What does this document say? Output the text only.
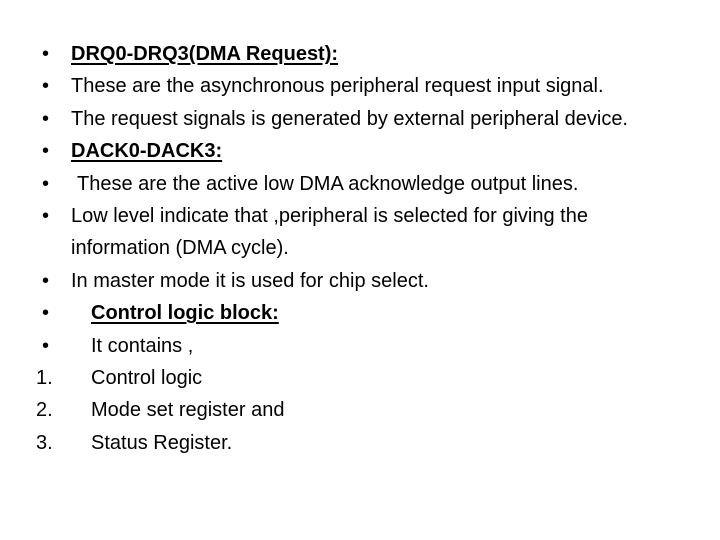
•	DRQ0-DRQ3(DMA Request):
•	These are the asynchronous peripheral request input signal.
•	The request signals is generated by external peripheral device.
•	DACK0-DACK3:
•	These are the active low DMA acknowledge output lines.
•	Low level indicate that ,peripheral is selected for giving the
information (DMA cycle).
•	In master mode it is used for chip select.
•	Control logic block:
•	It contains ,
1.	Control logic
2.	Mode set register and
3.	Status Register.
